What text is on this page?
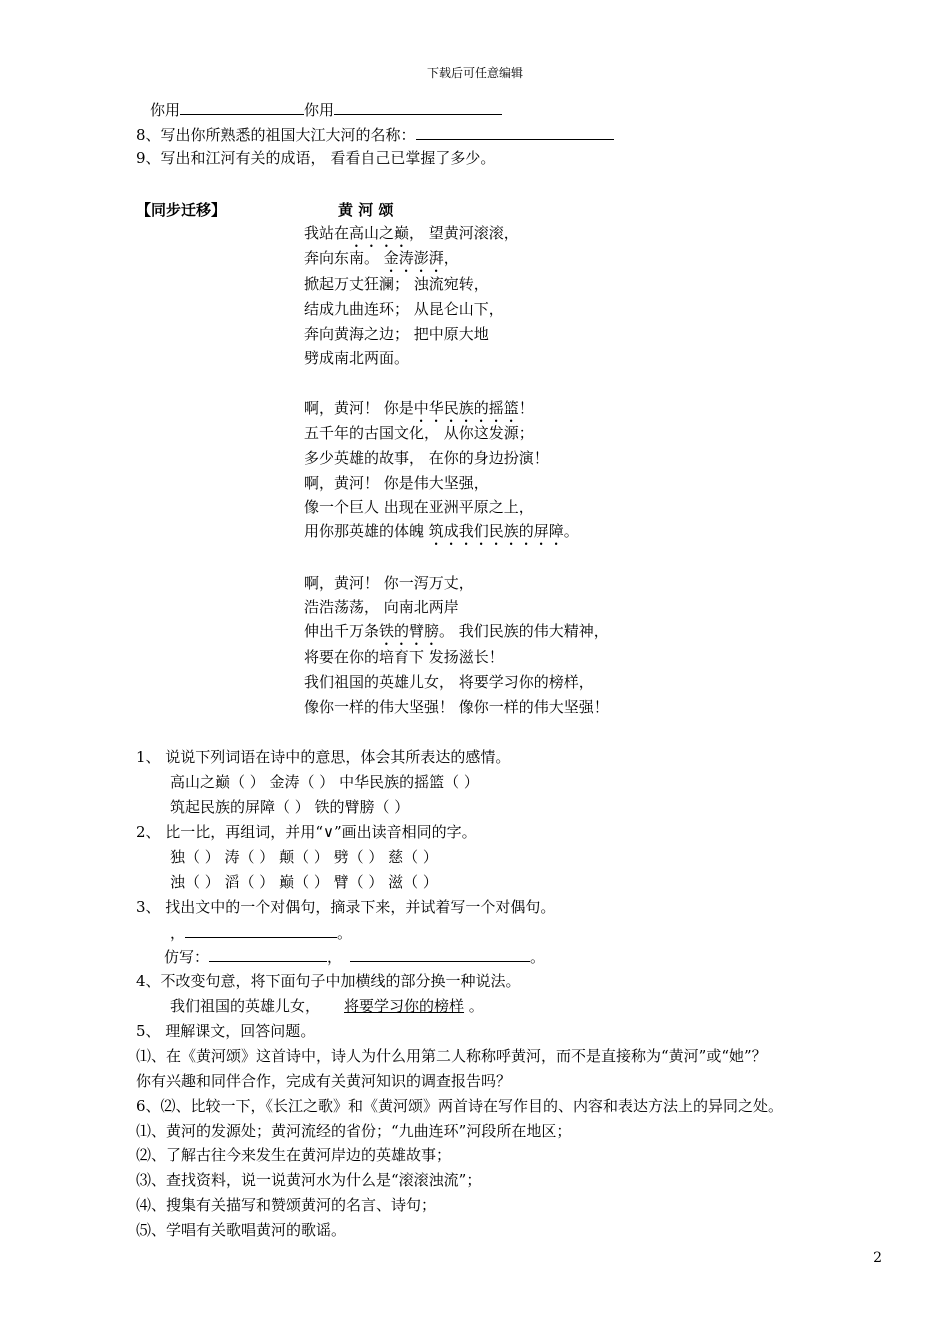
下载后可任意编辑
你用	你用
8、写出你所熟悉的祖国大江大河的名称：
9、写出和江河有关的成语， 看看自己已掌握了多少。
【同步迁移】	黄 河 颂
我站在高山之巅， 望黄河滚滚，
奔向东南。 金涛澎湃，
掀起万丈狂澜； 浊流宛转，
结成九曲连环； 从昆仑山下，
奔向黄海之边； 把中原大地
劈成南北两面。
啊，黄河！ 你是中华民族的摇篮！
五千年的古国文化， 从你这发源；
多少英雄的故事， 在你的身边扮演！
啊，黄河！ 你是伟大坚强，
像一个巨人 出现在亚洲平原之上，
用你那英雄的体魄 筑成我们民族的屏障。
啊，黄河！ 你一泻万丈，
浩浩荡荡， 向南北两岸
伸出千万条铁的臂膀。 我们民族的伟大精神，
将要在你的培育下 发扬滋长！
我们祖国的英雄儿女， 将要学习你的榜样，
像你一样的伟大坚强！ 像你一样的伟大坚强！
1、 说说下列词语在诗中的意思，体会其所表达的感情。
高山之巅（ ） 金涛（ ） 中华民族的摇篮（ ）
筑起民族的屏障（ ） 铁的臂膀（ ）
2、 比一比，再组词，并用“∨”画出读音相同的字。
独（ ） 涛（ ） 颠（ ） 劈（ ） 慈（ ）
浊（ ） 滔（ ） 巅（ ） 臂（ ） 滋（ ）
3、 找出文中的一个对偶句，摘录下来，并试着写一个对偶句。
，	。
仿写：	，	。
4、不改变句意，将下面句子中加横线的部分换一种说法。
我们祖国的英雄儿女， 将要学习你的榜样 。
5、 理解课文，回答问题。
⑴、在《黄河颂》这首诗中，诗人为什么用第二人称称呼黄河，而不是直接称为“黄河”或“她”？
你有兴趣和同伴合作，完成有关黄河知识的调查报告吗？
6、⑵、比较一下，《长江之歌》和《黄河颂》两首诗在写作目的、内容和表达方法上的异同之处。
⑴、黄河的发源处；黄河流经的省份；“九曲连环”河段所在地区；
⑵、了解古往今来发生在黄河岸边的英雄故事；
⑶、查找资料，说一说黄河水为什么是“滚滚浊流”；
⑷、搜集有关描写和赞颂黄河的名言、诗句；
⑸、学唱有关歌唱黄河的歌谣。
2
